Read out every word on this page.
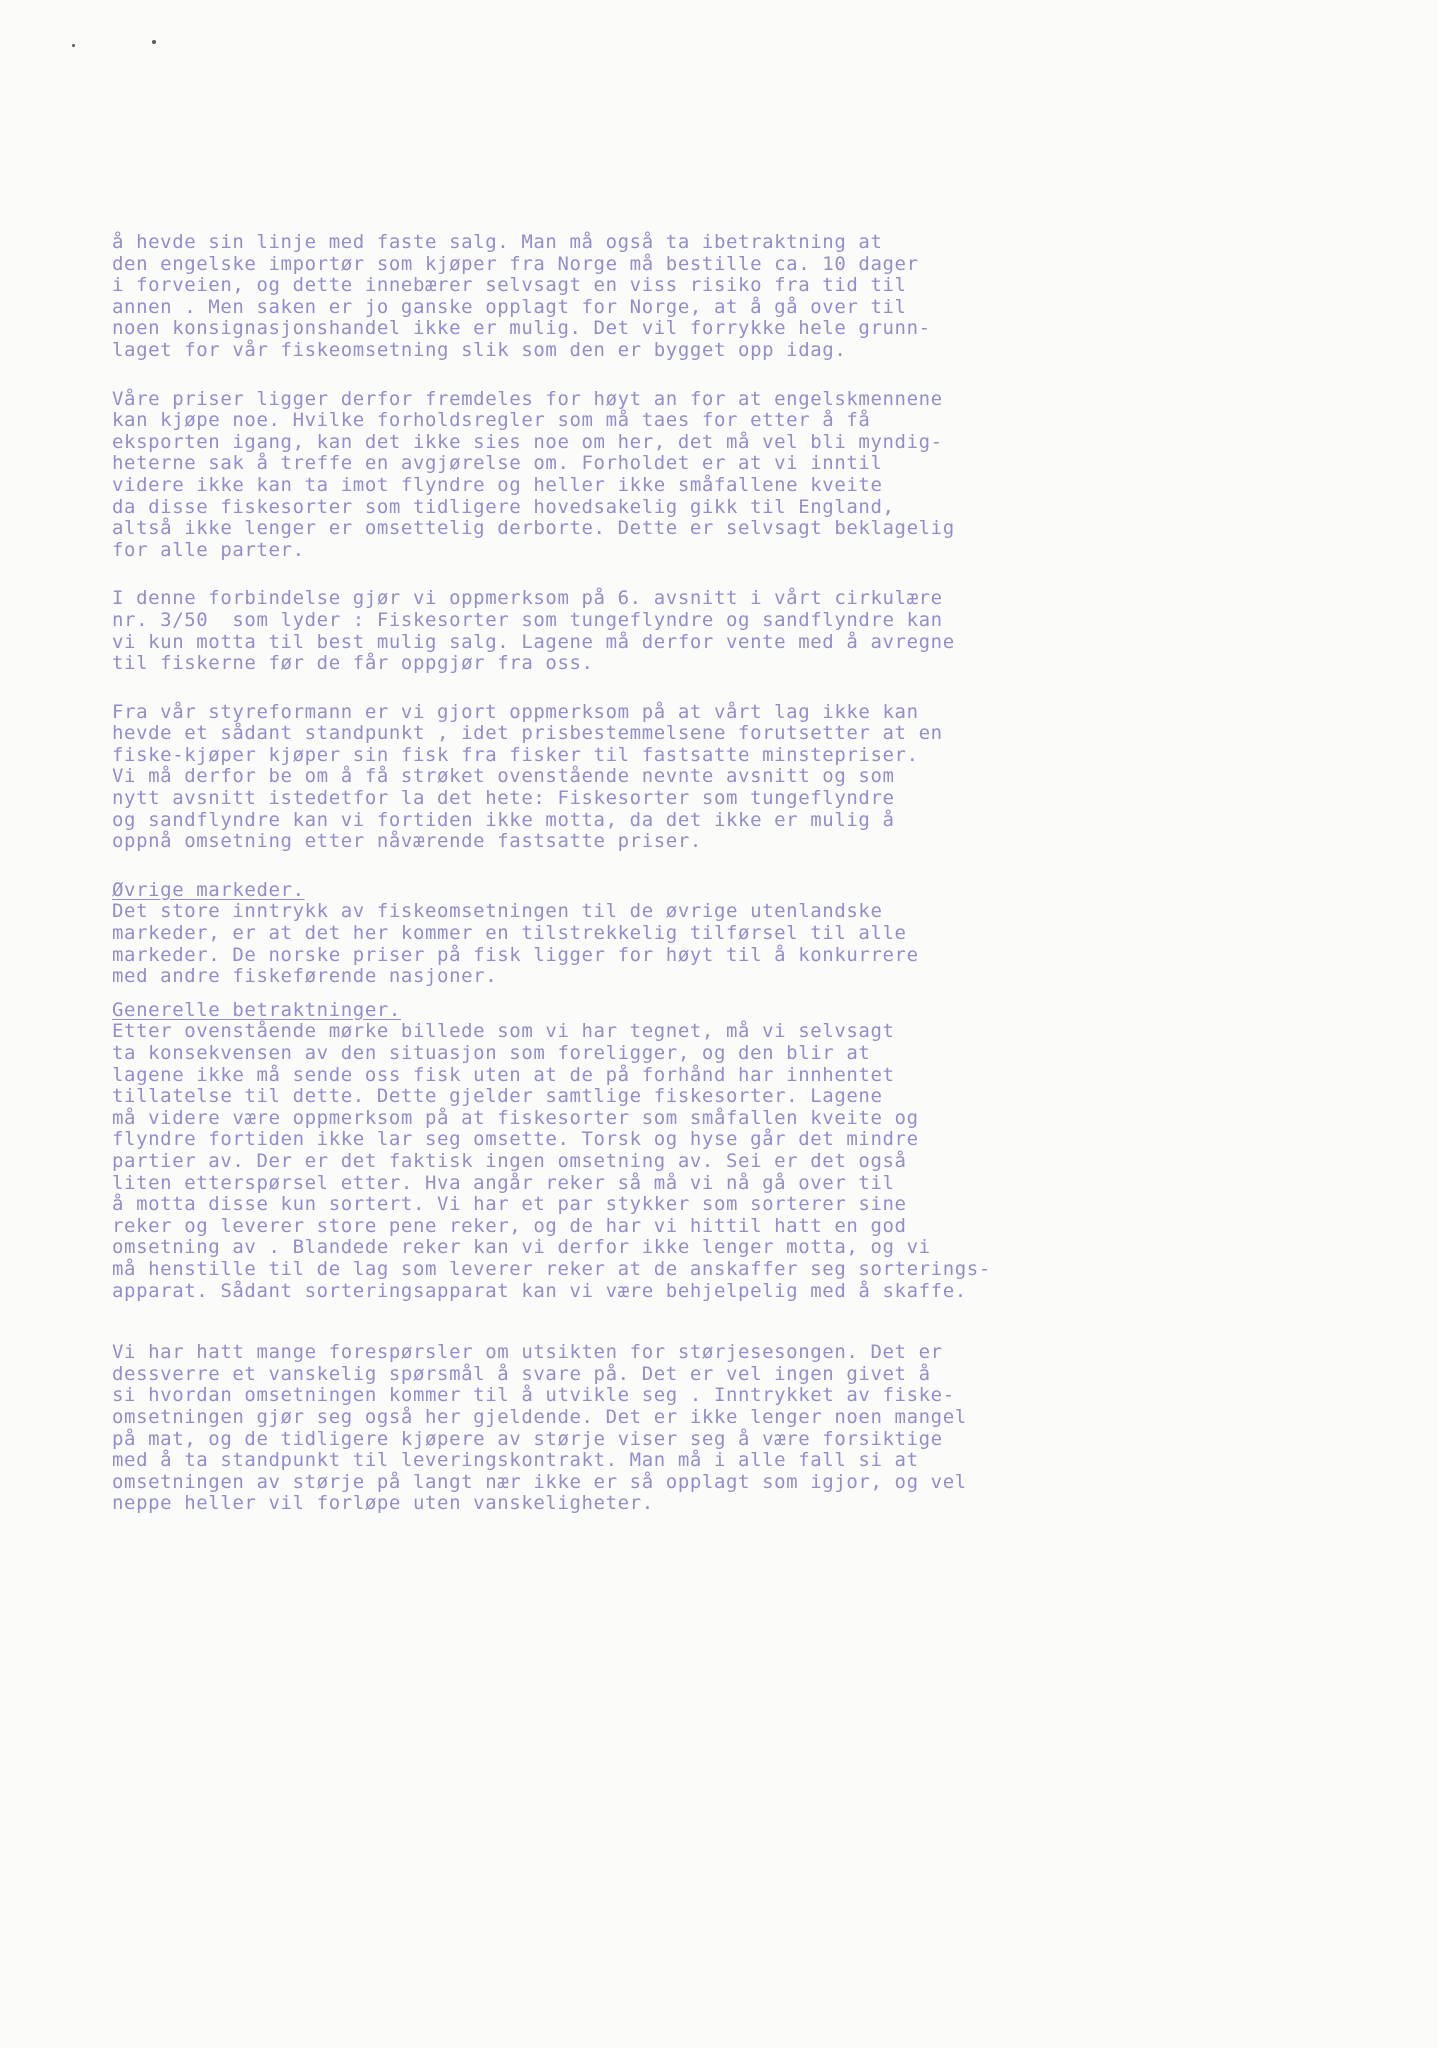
å hevde sin linje med faste salg. Man må også ta ibetraktning at
den engelske importør som kjøper fra Norge må bestille ca. 10 dager
i forveien, og dette innebærer selvsagt en viss risiko fra tid til
annen . Men saken er jo ganske opplagt for Norge, at å gå over til
noen konsignasjonshandel ikke er mulig. Det vil forrykke hele grunn-
laget for vår fiskeomsetning slik som den er bygget opp idag.
Våre priser ligger derfor fremdeles for høyt an for at engelskmennene
kan kjøpe noe. Hvilke forholdsregler som må taes for etter å få
eksporten igang, kan det ikke sies noe om her, det må vel bli myndig-
heterne sak å treffe en avgjørelse om. Forholdet er at vi inntil
videre ikke kan ta imot flyndre og heller ikke småfallene kveite
da disse fiskesorter som tidligere hovedsakelig gikk til England,
altså ikke lenger er omsettelig derborte. Dette er selvsagt beklagelig
for alle parter.
I denne forbindelse gjør vi oppmerksom på 6. avsnitt i vårt cirkulære
nr. 3/50  som lyder : Fiskesorter som tungeflyndre og sandflyndre kan
vi kun motta til best mulig salg. Lagene må derfor vente med å avregne
til fiskerne før de får oppgjør fra oss.
Fra vår styreformann er vi gjort oppmerksom på at vårt lag ikke kan
hevde et sådant standpunkt , idet prisbestemmelsene forutsetter at en
fiske-kjøper kjøper sin fisk fra fisker til fastsatte minstepriser.
Vi må derfor be om å få strøket ovenstående nevnte avsnitt og som
nytt avsnitt istedetfor la det hete: Fiskesorter som tungeflyndre
og sandflyndre kan vi fortiden ikke motta, da det ikke er mulig å
oppnå omsetning etter nåværende fastsatte priser.
Øvrige markeder.
Det store inntrykk av fiskeomsetningen til de øvrige utenlandske
markeder, er at det her kommer en tilstrekkelig tilførsel til alle
markeder. De norske priser på fisk ligger for høyt til å konkurrere
med andre fiskeførende nasjoner.
Generelle betraktninger.
Etter ovenstående mørke billede som vi har tegnet, må vi selvsagt
ta konsekvensen av den situasjon som foreligger, og den blir at
lagene ikke må sende oss fisk uten at de på forhånd har innhentet
tillatelse til dette. Dette gjelder samtlige fiskesorter. Lagene
må videre være oppmerksom på at fiskesorter som småfallen kveite og
flyndre fortiden ikke lar seg omsette. Torsk og hyse går det mindre
partier av. Der er det faktisk ingen omsetning av. Sei er det også
liten etterspørsel etter. Hva angår reker så må vi nå gå over til
å motta disse kun sortert. Vi har et par stykker som sorterer sine
reker og leverer store pene reker, og de har vi hittil hatt en god
omsetning av . Blandede reker kan vi derfor ikke lenger motta, og vi
må henstille til de lag som leverer reker at de anskaffer seg sorterings-
apparat. Sådant sorteringsapparat kan vi være behjelpelig med å skaffe.
Vi har hatt mange forespørsler om utsikten for størjesesongen. Det er
dessverre et vanskelig spørsmål å svare på. Det er vel ingen givet å
si hvordan omsetningen kommer til å utvikle seg . Inntrykket av fiske-
omsetningen gjør seg også her gjeldende. Det er ikke lenger noen mangel
på mat, og de tidligere kjøpere av størje viser seg å være forsiktige
med å ta standpunkt til leveringskontrakt. Man må i alle fall si at
omsetningen av størje på langt nær ikke er så opplagt som igjor, og vel
neppe heller vil forløpe uten vanskeligheter.
